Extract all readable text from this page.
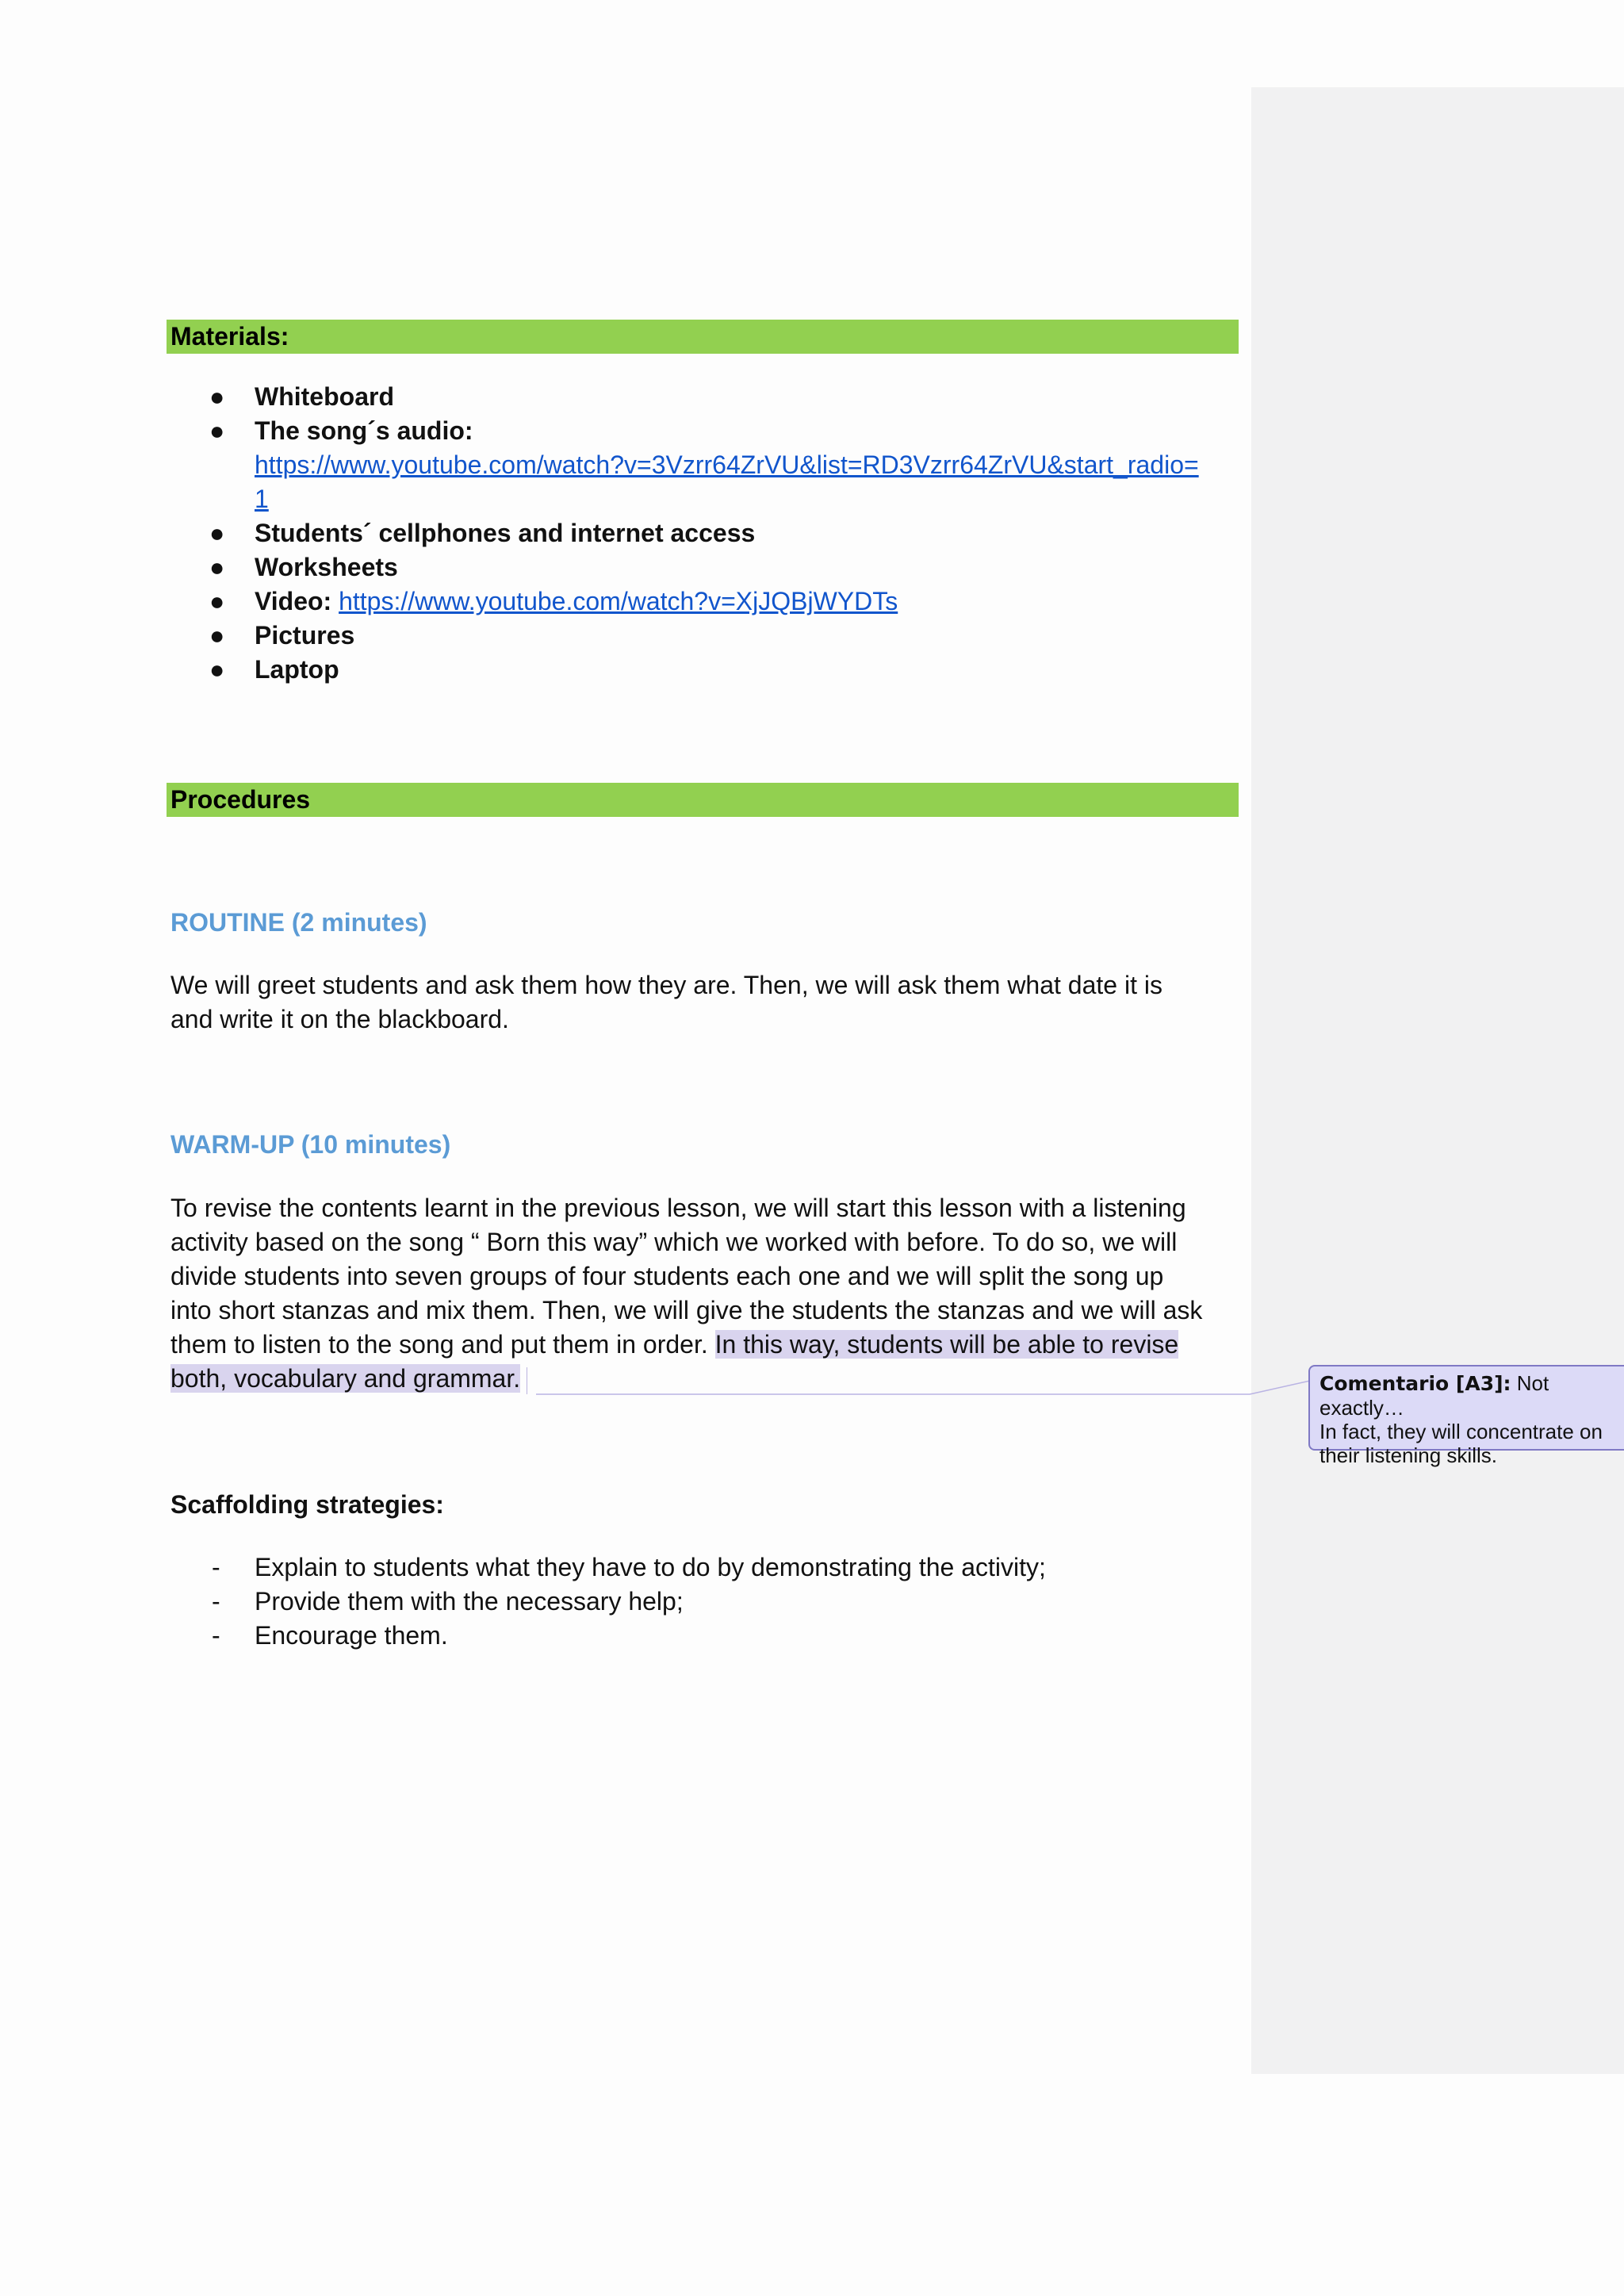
Materials:
● Whiteboard
● The song´s audio:
https://www.youtube.com/watch?v=3Vzrr64ZrVU&list=RD3Vzrr64ZrVU&start_radio=
1
● Students´ cellphones and internet access
● Worksheets
● Video: https://www.youtube.com/watch?v=XjJQBjWYDTs
● Pictures
● Laptop
Procedures
ROUTINE (2 minutes)
We will greet students and ask them how they are. Then, we will ask them what date it is
and write it on the blackboard.
WARM-UP (10 minutes)
To revise the contents learnt in the previous lesson, we will start this lesson with a listening
activity based on the song “ Born this way” which we worked with before. To do so, we will
divide students into seven groups of four students each one and we will split the song up
into short stanzas and mix them. Then, we will give the students the stanzas and we will ask
them to listen to the song and put them in order. In this way, students will be able to revise
both, vocabulary and grammar.
Scaffolding strategies:
- Explain to students what they have to do by demonstrating the activity;
- Provide them with the necessary help;
- Encourage them.
Comentario [A3]: Not exactly…
In fact, they will concentrate on
their listening skills.
